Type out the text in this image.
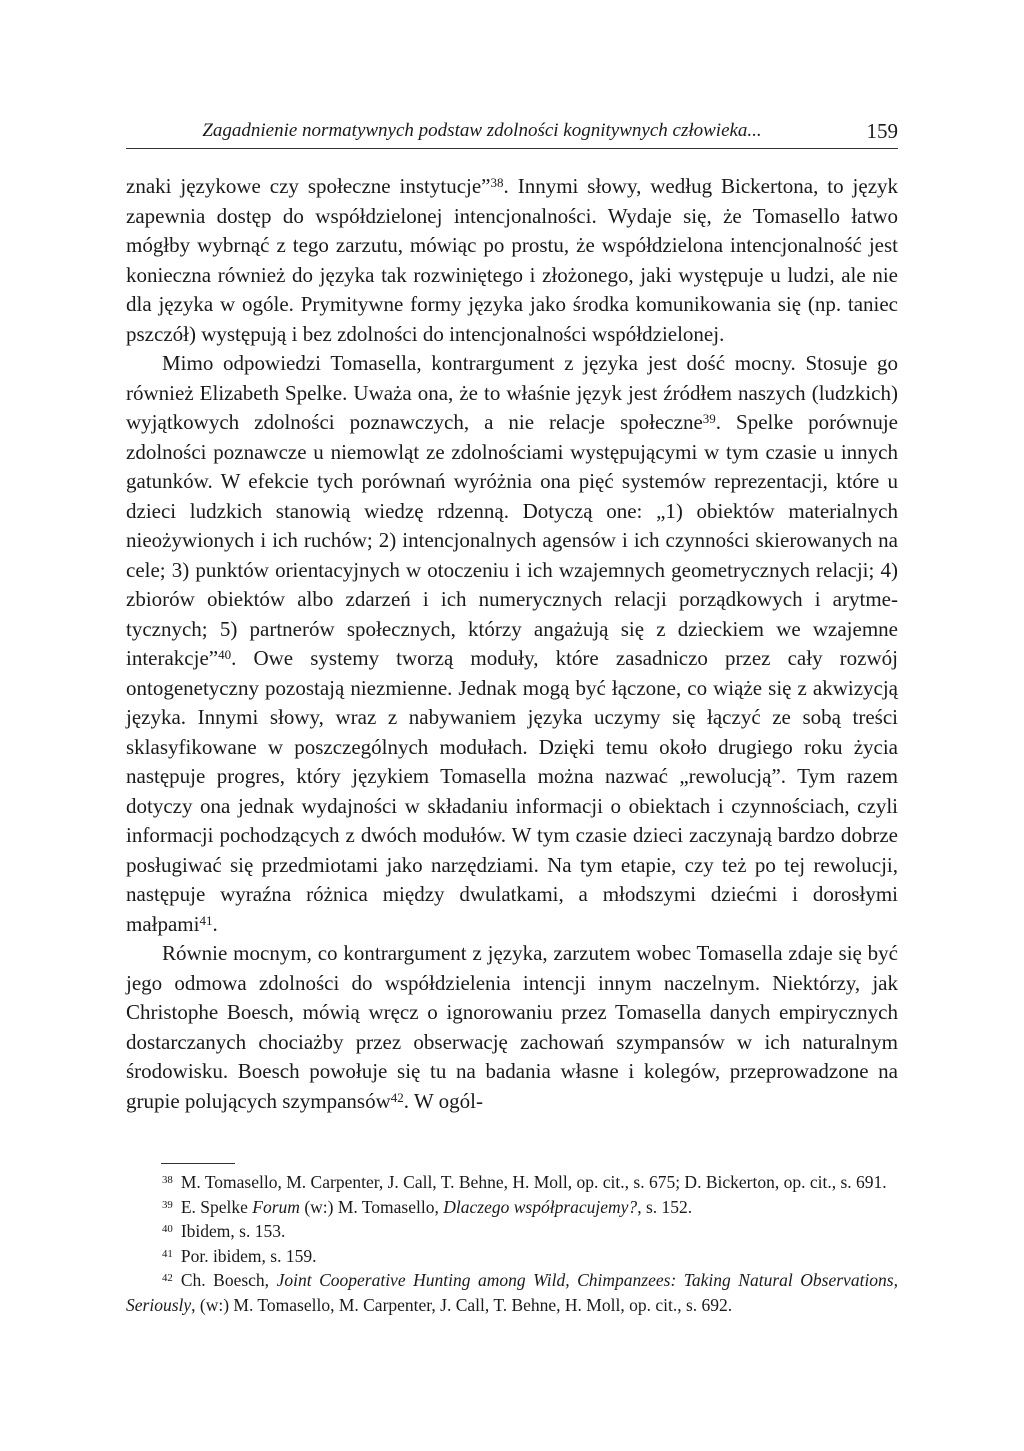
Zagadnienie normatywnych podstaw zdolności kognitywnych człowieka...	159

znaki językowe czy społeczne instytucje”$^{38}$. Innymi słowy, według Bickertona, to język zapewnia dostęp do współdzielonej intencjonalności. Wydaje się, że Tomasello łatwo mógłby wybrnąć z tego zarzutu, mówiąc po prostu, że współdzielona intencjonalność jest konieczna również do języka tak rozwiniętego i złożonego, jaki występuje u ludzi, ale nie dla języka w ogóle. Prymitywne formy języka jako środka komunikowania się (np. taniec pszczół) występują i bez zdolności do intencjonalności współdzielonej.

Mimo odpowiedzi Tomasella, kontrargument z języka jest dość mocny. Stosuje go również Elizabeth Spelke. Uważa ona, że to właśnie język jest źródłem naszych (ludzkich) wyjątkowych zdolności poznawczych, a nie relacje społeczne$^{39}$. Spelke porównuje zdolności poznawcze u niemowląt ze zdolnościami występującymi w tym czasie u innych gatunków. W efekcie tych porównań wyróżnia ona pięć systemów reprezentacji, które u dzieci ludzkich stanowią wiedzę rdzenną. Dotyczą one: „1) obiektów materialnych nieożywionych i ich ruchów; 2) intencjonalnych agensów i ich czynności skierowanych na cele; 3) punktów orientacyjnych w otoczeniu i ich wzajemnych geometrycznych relacji; 4) zbiorów obiektów albo zdarzeń i ich numerycznych relacji porządkowych i arytmetycznych; 5) partnerów społecznych, którzy angażują się z dzieckiem we wzajemne interakcje”$^{40}$. Owe systemy tworzą moduły, które zasadniczo przez cały rozwój ontogenetyczny pozostają niezmienne. Jednak mogą być łączone, co wiąże się z akwizycją języka. Innymi słowy, wraz z nabywaniem języka uczymy się łączyć ze sobą treści sklasyfikowane w poszczególnych modułach. Dzięki temu około drugiego roku życia następuje progres, który językiem Tomasella można nazwać „rewolucją”. Tym razem dotyczy ona jednak wydajności w składaniu informacji o obiektach i czynnościach, czyli informacji pochodzących z dwóch modułów. W tym czasie dzieci zaczynają bardzo dobrze posługiwać się przedmiotami jako narzędziami. Na tym etapie, czy też po tej rewolucji, następuje wyraźna różnica między dwulatkami, a młodszymi dziećmi i dorosłymi małpami$^{41}$.

Równie mocnym, co kontrargument z języka, zarzutem wobec Tomasella zdaje się być jego odmowa zdolności do współdzielenia intencji innym naczelnym. Niektórzy, jak Christophe Boesch, mówią wręcz o ignorowaniu przez Tomasella danych empirycznych dostarczanych chociażby przez obserwację zachowań szympansów w ich naturalnym środowisku. Boesch powołuje się tu na badania własne i kolegów, przeprowadzone na grupie polujących szympansów$^{42}$. W ogól-

$^{38}$ M. Tomasello, M. Carpenter, J. Call, T. Behne, H. Moll, op. cit., s. 675; D. Bickerton, op. cit., s. 691.

$^{39}$ E. Spelke Forum (w:) M. Tomasello, Dlaczego współpracujemy?, s. 152.

$^{40}$ Ibidem, s. 153.

$^{41}$ Por. ibidem, s. 159.

$^{42}$ Ch. Boesch, Joint Cooperative Hunting among Wild, Chimpanzees: Taking Natural Observations, Seriously, (w:) M. Tomasello, M. Carpenter, J. Call, T. Behne, H. Moll, op. cit., s. 692.
